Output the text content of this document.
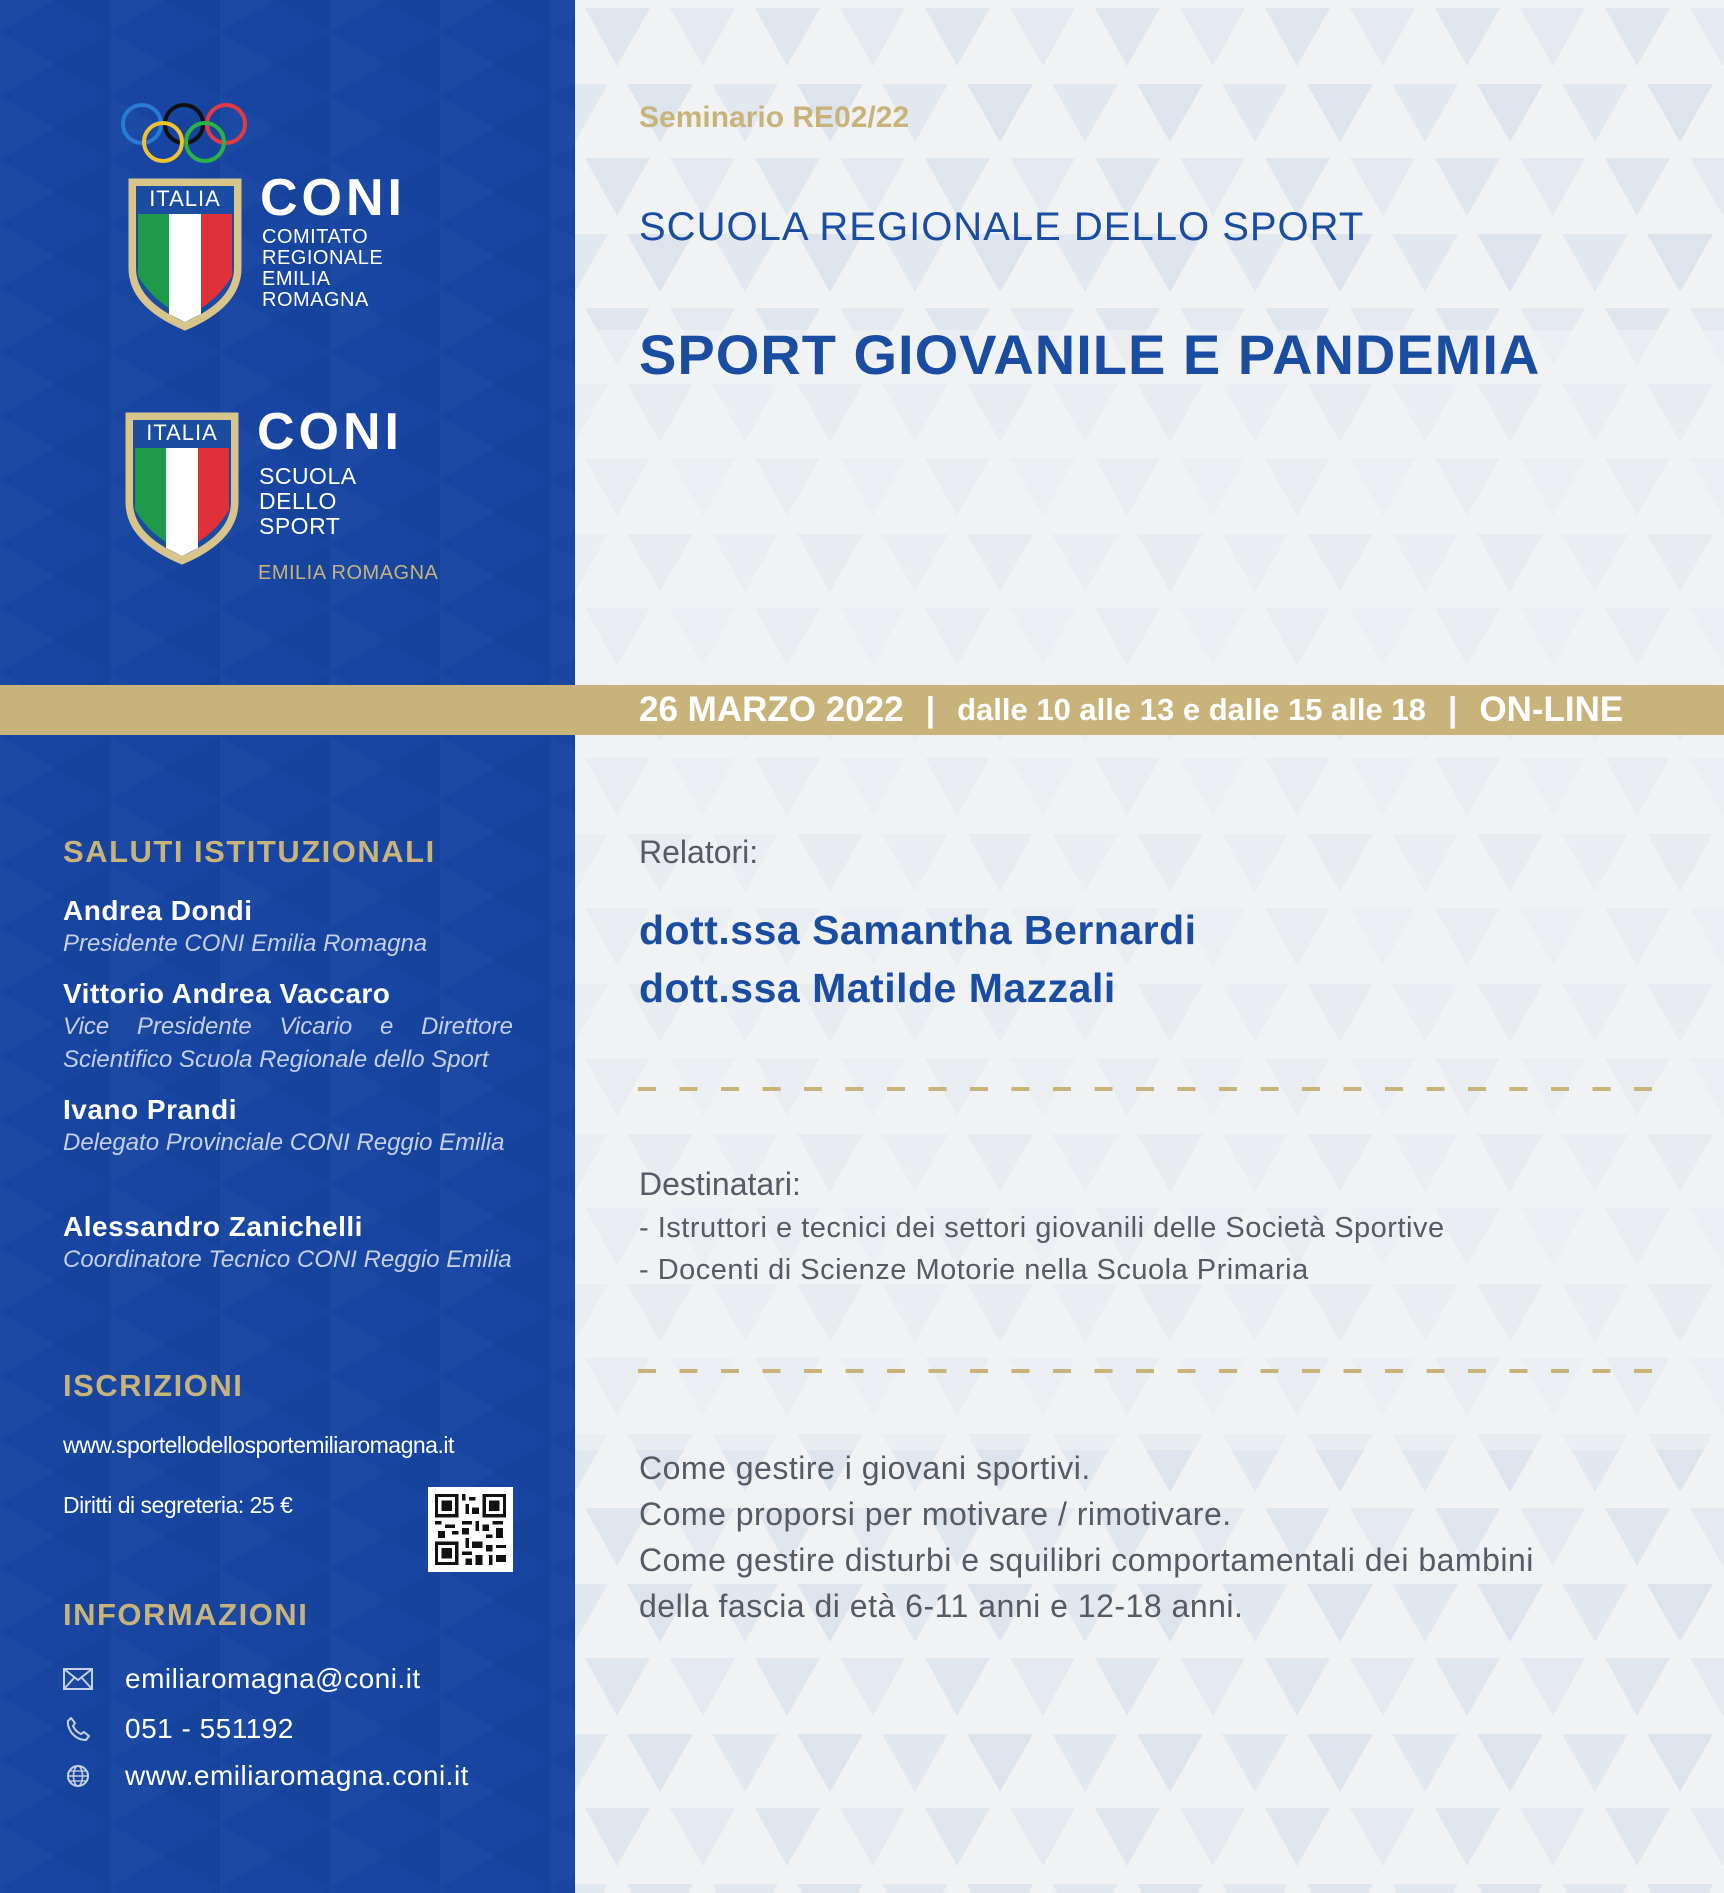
26 MARZO 2022 | dalle 10 alle 13 e dalle 15 alle 18 | ON-LINE
ITALIA CONI
COMITATO
REGIONALE
EMILIA ROMAGNA
ITALIA CONI
SCUOLA
DELLO SPORT
EMILIA ROMAGNA
SALUTI ISTITUZIONALI
Andrea Dondi
Presidente CONI Emilia Romagna
Vittorio Andrea Vaccaro
Vice Presidente Vicario e Direttore Scientifico Scuola Regionale dello Sport
Ivano Prandi
Delegato Provinciale CONI Reggio Emilia
Alessandro Zanichelli
Coordinatore Tecnico CONI Reggio Emilia
ISCRIZIONI
www.sportellodellosportemiliaromagna.it
Diritti di segreteria: 25 €
INFORMAZIONI
emiliaromagna@coni.it
051 - 551192
www.emiliaromagna.coni.it
Seminario RE02/22
SCUOLA REGIONALE DELLO SPORT
SPORT GIOVANILE E PANDEMIA
Relatori:
dott.ssa Samantha Bernardi
dott.ssa Matilde Mazzali
Destinatari:
- Istruttori e tecnici dei settori giovanili delle Società Sportive
- Docenti di Scienze Motorie nella Scuola Primaria
Come gestire i giovani sportivi.
Come proporsi per motivare / rimotivare.
Come gestire disturbi e squilibri comportamentali dei bambini
della fascia di età 6-11 anni e 12-18 anni.
